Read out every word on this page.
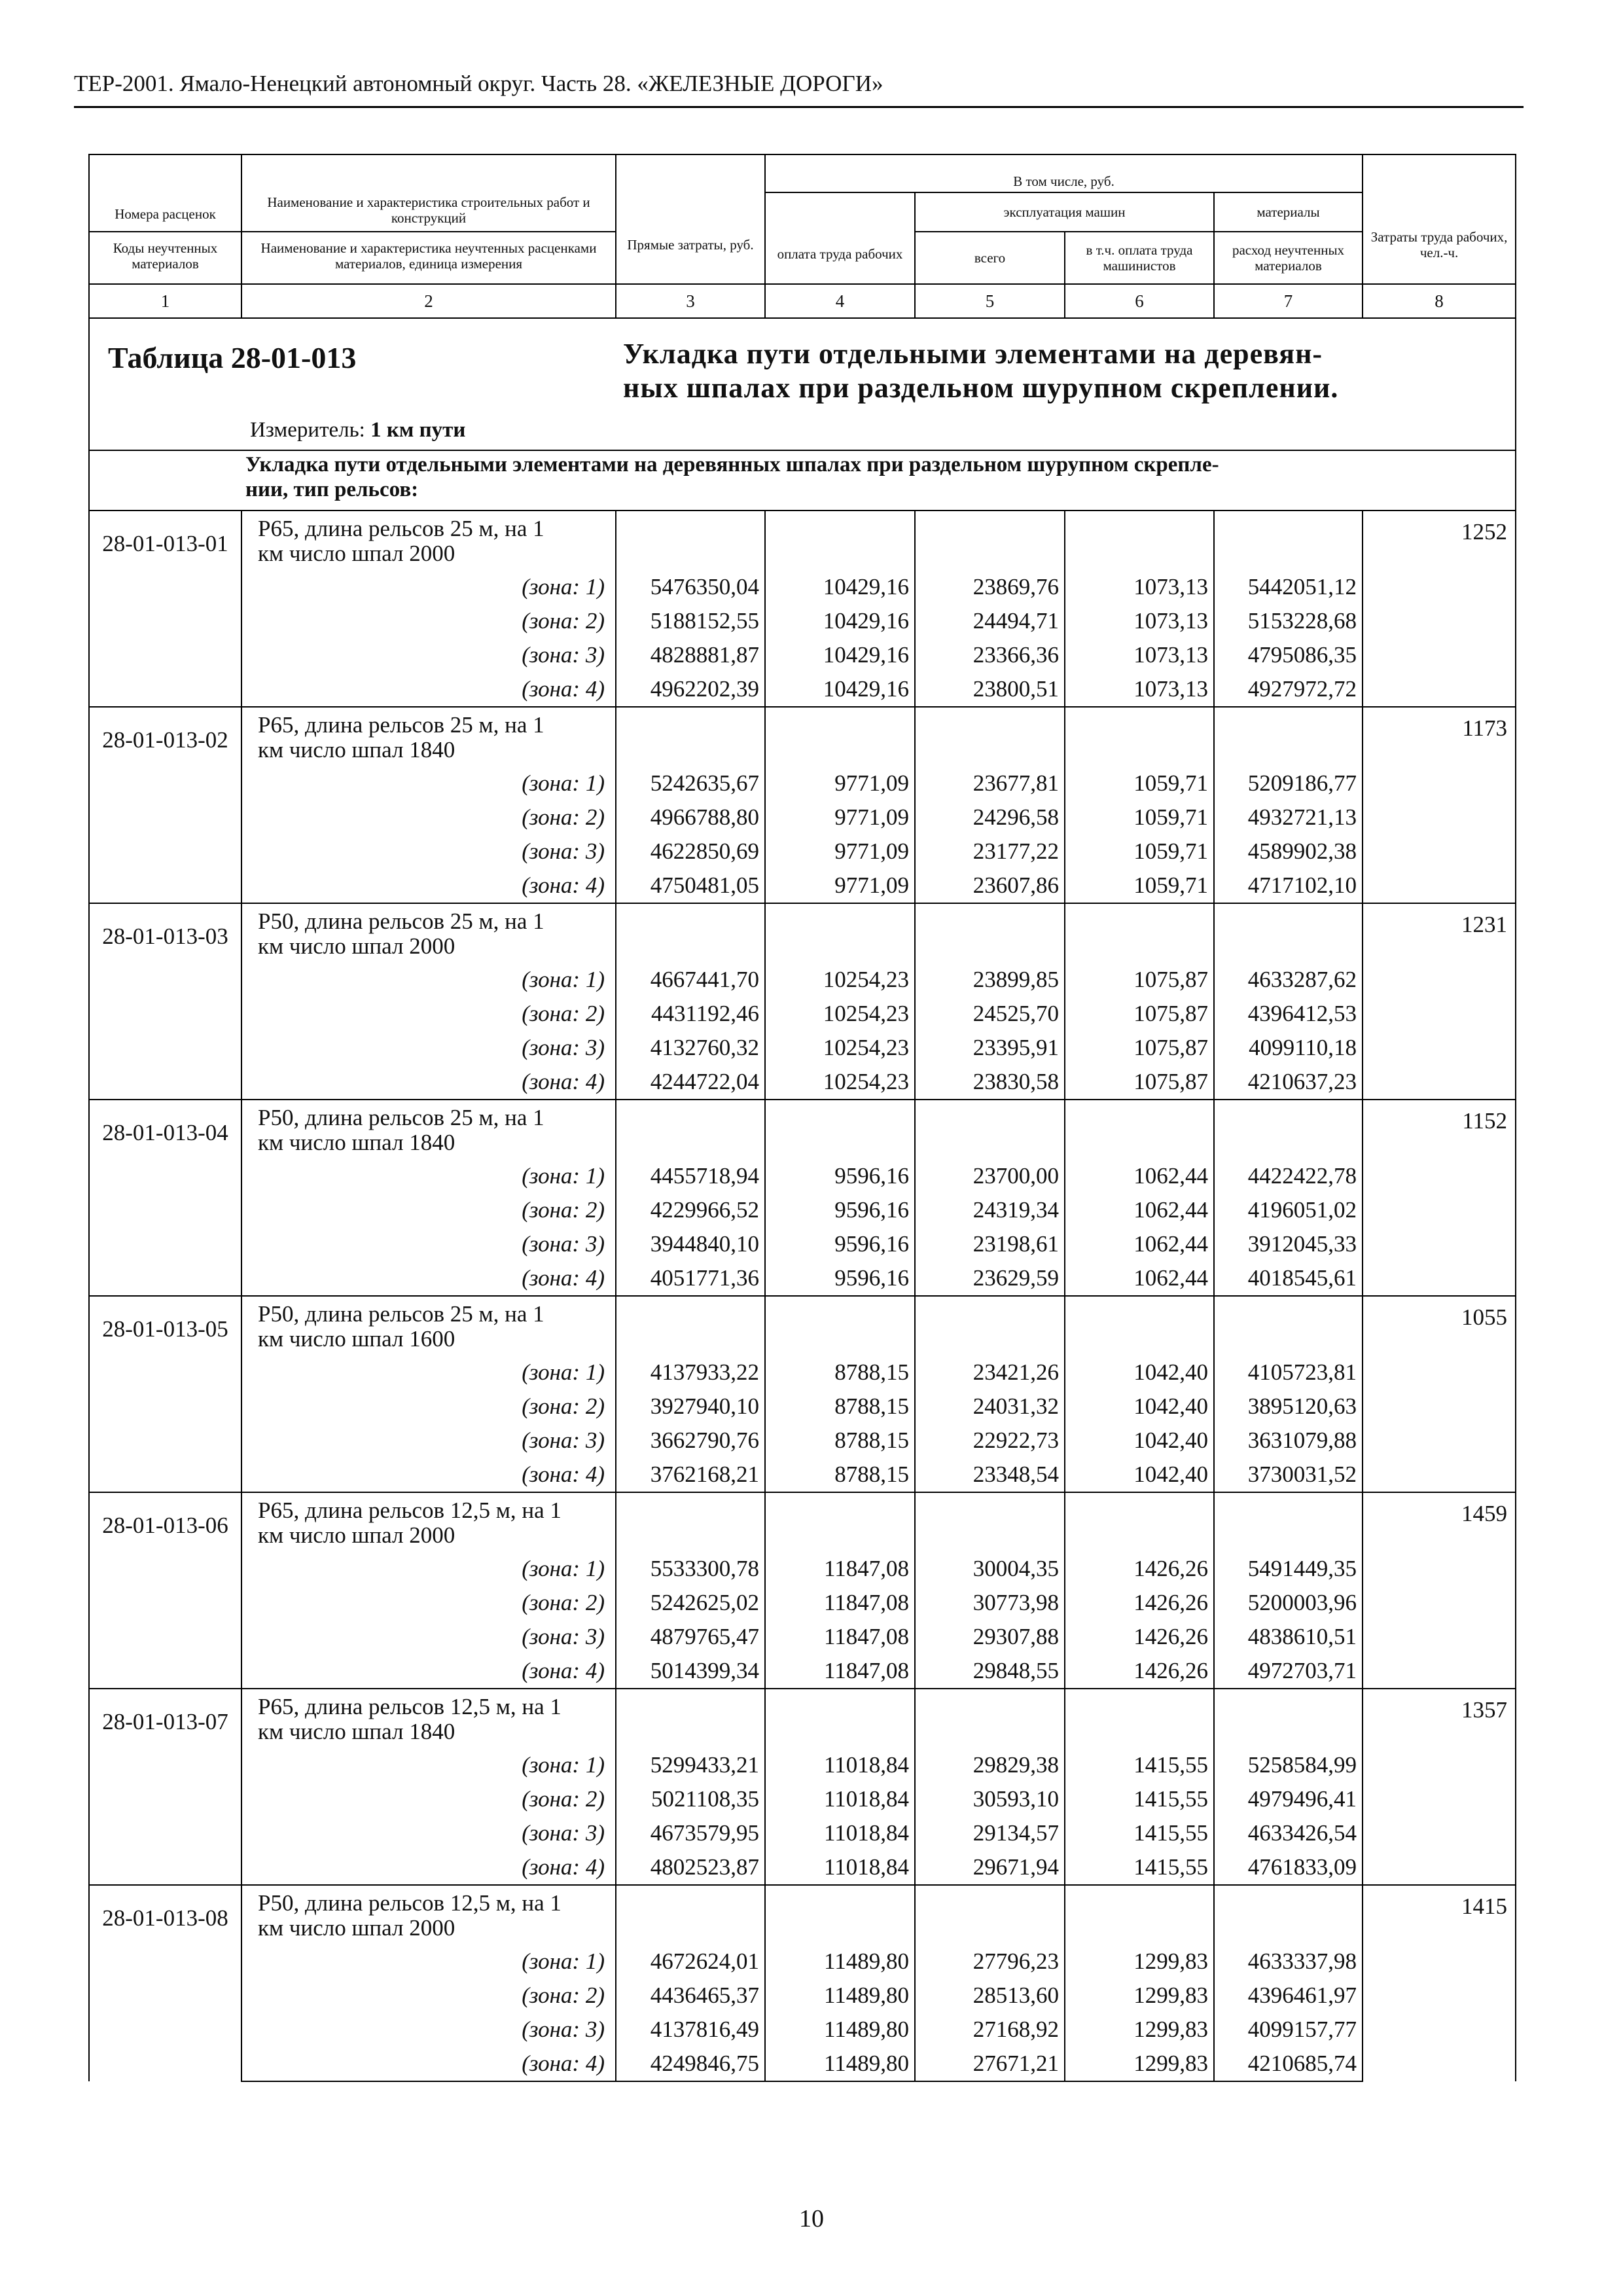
ТЕР-2001. Ямало-Ненецкий автономный округ. Часть 28. «ЖЕЛЕЗНЫЕ ДОРОГИ»
Номера расценок	Наименование и характеристика строительных работ и конструкций	Прямые затраты, руб.	В том числе, руб.				Затраты труда рабочих, чел.-ч.
			оплата труда рабочих	эксплуатация машин		материалы	
Коды неучтенных материалов	Наименование и характеристика неучтенных расценками материалов, единица измерения			всего	в т.ч. оплата труда машинистов	расход неучтенных материалов	

1	2	3	4	5	6	7	8

Таблица 28-01-013 Укладка пути отдельными элементами на деревян-
ных шпалах при раздельном шурупном скреплении.
Измеритель: 1 км пути							

	Укладка пути отдельными элементами на деревянных шпалах при раздельном шурупном скрепле-
нии, тип рельсов:						

28-01-013-01	Р65, длина рельсов 25 м, на 1
км число шпал 2000						1252
	(зона: 1)	5476350,04	10429,16	23869,76	1073,13	5442051,12	
	(зона: 2)	5188152,55	10429,16	24494,71	1073,13	5153228,68	
	(зона: 3)	4828881,87	10429,16	23366,36	1073,13	4795086,35	
	(зона: 4)	4962202,39	10429,16	23800,51	1073,13	4927972,72	
28-01-013-02	Р65, длина рельсов 25 м, на 1
км число шпал 1840						1173
	(зона: 1)	5242635,67	9771,09	23677,81	1059,71	5209186,77	
	(зона: 2)	4966788,80	9771,09	24296,58	1059,71	4932721,13	
	(зона: 3)	4622850,69	9771,09	23177,22	1059,71	4589902,38	
	(зона: 4)	4750481,05	9771,09	23607,86	1059,71	4717102,10	
28-01-013-03	Р50, длина рельсов 25 м, на 1
км число шпал 2000						1231
	(зона: 1)	4667441,70	10254,23	23899,85	1075,87	4633287,62	
	(зона: 2)	4431192,46	10254,23	24525,70	1075,87	4396412,53	
	(зона: 3)	4132760,32	10254,23	23395,91	1075,87	4099110,18	
	(зона: 4)	4244722,04	10254,23	23830,58	1075,87	4210637,23	
28-01-013-04	Р50, длина рельсов 25 м, на 1
км число шпал 1840						1152
	(зона: 1)	4455718,94	9596,16	23700,00	1062,44	4422422,78	
	(зона: 2)	4229966,52	9596,16	24319,34	1062,44	4196051,02	
	(зона: 3)	3944840,10	9596,16	23198,61	1062,44	3912045,33	
	(зона: 4)	4051771,36	9596,16	23629,59	1062,44	4018545,61	
28-01-013-05	Р50, длина рельсов 25 м, на 1
км число шпал 1600						1055
	(зона: 1)	4137933,22	8788,15	23421,26	1042,40	4105723,81	
	(зона: 2)	3927940,10	8788,15	24031,32	1042,40	3895120,63	
	(зона: 3)	3662790,76	8788,15	22922,73	1042,40	3631079,88	
	(зона: 4)	3762168,21	8788,15	23348,54	1042,40	3730031,52	
28-01-013-06	Р65, длина рельсов 12,5 м, на 1
км число шпал 2000						1459
	(зона: 1)	5533300,78	11847,08	30004,35	1426,26	5491449,35	
	(зона: 2)	5242625,02	11847,08	30773,98	1426,26	5200003,96	
	(зона: 3)	4879765,47	11847,08	29307,88	1426,26	4838610,51	
	(зона: 4)	5014399,34	11847,08	29848,55	1426,26	4972703,71	
28-01-013-07	Р65, длина рельсов 12,5 м, на 1
км число шпал 1840						1357
	(зона: 1)	5299433,21	11018,84	29829,38	1415,55	5258584,99	
	(зона: 2)	5021108,35	11018,84	30593,10	1415,55	4979496,41	
	(зона: 3)	4673579,95	11018,84	29134,57	1415,55	4633426,54	
	(зона: 4)	4802523,87	11018,84	29671,94	1415,55	4761833,09	
28-01-013-08	Р50, длина рельсов 12,5 м, на 1
км число шпал 2000						1415
	(зона: 1)	4672624,01	11489,80	27796,23	1299,83	4633337,98	
	(зона: 2)	4436465,37	11489,80	28513,60	1299,83	4396461,97	
	(зона: 3)	4137816,49	11489,80	27168,92	1299,83	4099157,77	
	(зона: 4)	4249846,75	11489,80	27671,21	1299,83	4210685,74	
10
